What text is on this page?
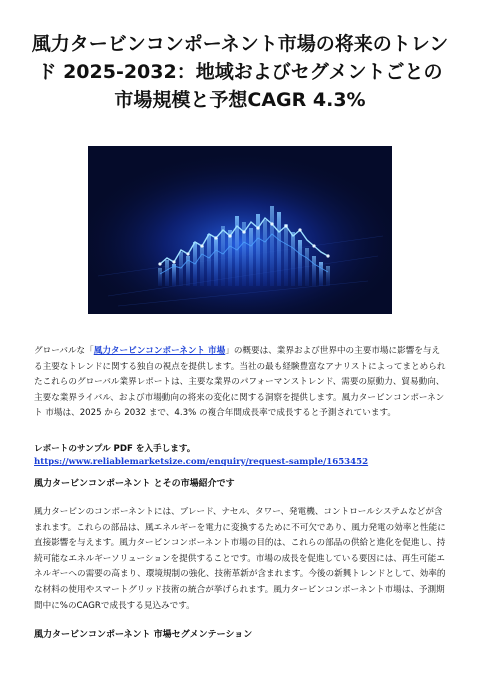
風力タービンコンポーネント市場の将来のトレンド 2025-2032：地域およびセグメントごとの市場規模と予想CAGR 4.3%

グローバルな「風力タービンコンポーネント 市場」の概要は、業界および世界中の主要市場に影響を与える主要なトレンドに関する独自の視点を提供します。当社の最も経験豊富なアナリストによってまとめられたこれらのグローバル業界レポートは、主要な業界のパフォーマンストレンド、需要の原動力、貿易動向、主要な業界ライバル、および市場動向の将来の変化に関する洞察を提供します。風力タービンコンポーネント 市場は、2025 から 2032 まで、4.3% の複合年間成長率で成長すると予測されています。

レポートのサンプル PDF を入手します。 https://www.reliablemarketsize.com/enquiry/request-sample/1653452

風力タービンコンポーネント とその市場紹介です

風力タービンのコンポーネントには、ブレード、ナセル、タワー、発電機、コントロールシステムなどが含まれます。これらの部品は、風エネルギーを電力に変換するために不可欠であり、風力発電の効率と性能に直接影響を与えます。風力タービンコンポーネント市場の目的は、これらの部品の供給と進化を促進し、持続可能なエネルギーソリューションを提供することです。市場の成長を促進している要因には、再生可能エネルギーへの需要の高まり、環境規制の強化、技術革新が含まれます。今後の新興トレンドとして、効率的な材料の使用やスマートグリッド技術の統合が挙げられます。風力タービンコンポーネント市場は、予測期間中に%のCAGRで成長する見込みです。

風力タービンコンポーネント 市場セグメンテーション
